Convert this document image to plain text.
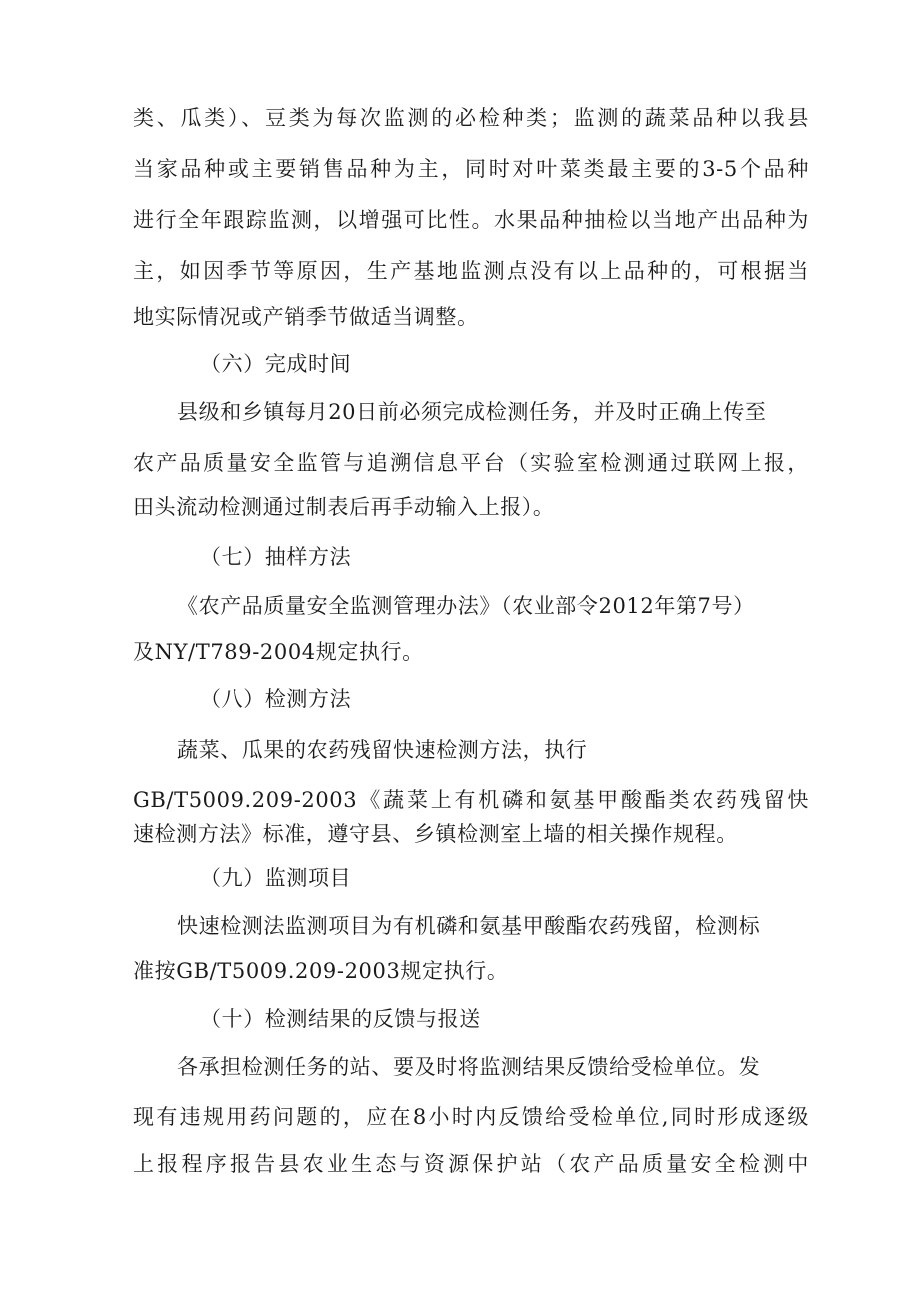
类、瓜类）、豆类为每次监测的必检种类；监测的蔬菜品种以我县
当家品种或主要销售品种为主，同时对叶菜类最主要的3-5个品种
进行全年跟踪监测，以增强可比性。水果品种抽检以当地产出品种为
主，如因季节等原因，生产基地监测点没有以上品种的，可根据当
地实际情况或产销季节做适当调整。
（六）完成时间
县级和乡镇每月20日前必须完成检测任务，并及时正确上传至
农产品质量安全监管与追溯信息平台（实验室检测通过联网上报，
田头流动检测通过制表后再手动输入上报）。
（七）抽样方法
《农产品质量安全监测管理办法》（农业部令2012年第7号）
及NY/T789-2004规定执行。
（八）检测方法
蔬菜、瓜果的农药残留快速检测方法，执行
GB/T5009.209-2003《蔬菜上有机磷和氨基甲酸酯类农药残留快
速检测方法》标准，遵守县、乡镇检测室上墙的相关操作规程。
（九）监测项目
快速检测法监测项目为有机磷和氨基甲酸酯农药残留，检测标
准按GB/T5009.209-2003规定执行。
（十）检测结果的反馈与报送
各承担检测任务的站、要及时将监测结果反馈给受检单位。发
现有违规用药问题的，应在8小时内反馈给受检单位,同时形成逐级
上报程序报告县农业生态与资源保护站（农产品质量安全检测中
